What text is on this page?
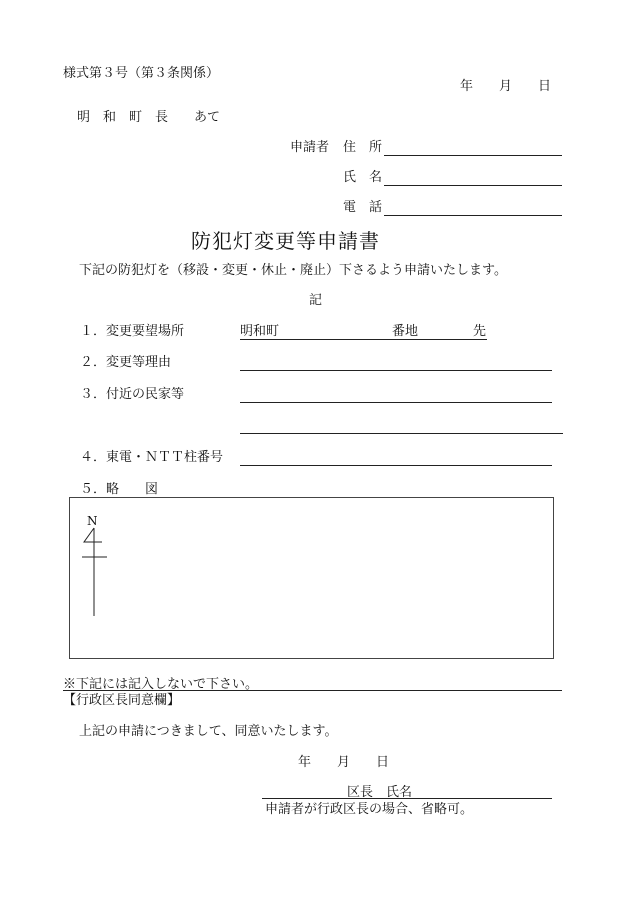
様式第３号（第３条関係）
年　　月　　日
明　和　町　長　　あて
申請者 住　所
氏　名
電　話
防犯灯変更等申請書
下記の防犯灯を（移設・変更・休止・廃止）下さるよう申請いたします。
記
１．変更要望場所	明和町	番地	先
２．変更等理由
３．付近の民家等
４．東電・ＮＴＴ柱番号
５．略　　図
N
※下記には記入しないで下さい。
【行政区長同意欄】
上記の申請につきまして、同意いたします。
年　　月　　日
区長　氏名
申請者が行政区長の場合、省略可。
